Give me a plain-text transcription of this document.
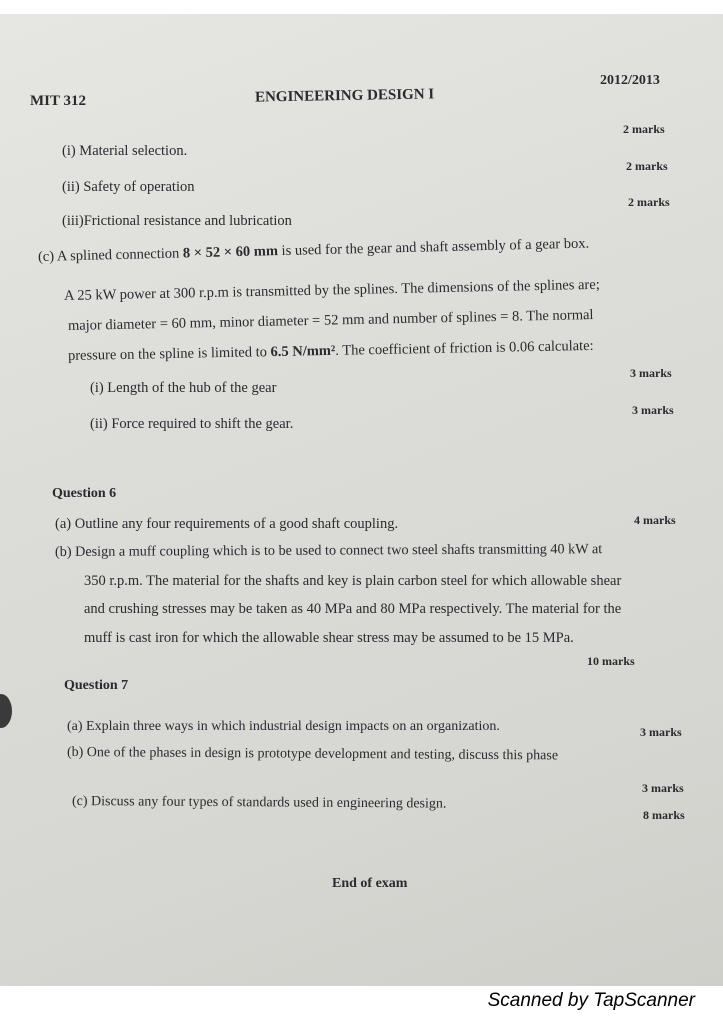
MIT 312	ENGINEERING DESIGN I
2012/2013
2 marks
(i) Material selection.
2 marks
(ii) Safety of operation
2 marks
(iii)Frictional resistance and lubrication
(c) A splined connection 8 × 52 × 60 mm is used for the gear and shaft assembly of a gear box.
A 25 kW power at 300 r.p.m is transmitted by the splines. The dimensions of the splines are;
major diameter = 60 mm, minor diameter = 52 mm and number of splines = 8. The normal
pressure on the spline is limited to 6.5 N/mm². The coefficient of friction is 0.06 calculate:
3 marks
(i) Length of the hub of the gear
3 marks
(ii) Force required to shift the gear.
Question 6
(a) Outline any four requirements of a good shaft coupling.	4 marks
(b) Design a muff coupling which is to be used to connect two steel shafts transmitting 40 kW at
350 r.p.m. The material for the shafts and key is plain carbon steel for which allowable shear
and crushing stresses may be taken as 40 MPa and 80 MPa respectively. The material for the
muff is cast iron for which the allowable shear stress may be assumed to be 15 MPa.
10 marks
Question 7
(a) Explain three ways in which industrial design impacts on an organization.	3 marks
(b) One of the phases in design is prototype development and testing, discuss this phase
3 marks
(c) Discuss any four types of standards used in engineering design.
8 marks
End of exam
Scanned by TapScanner
